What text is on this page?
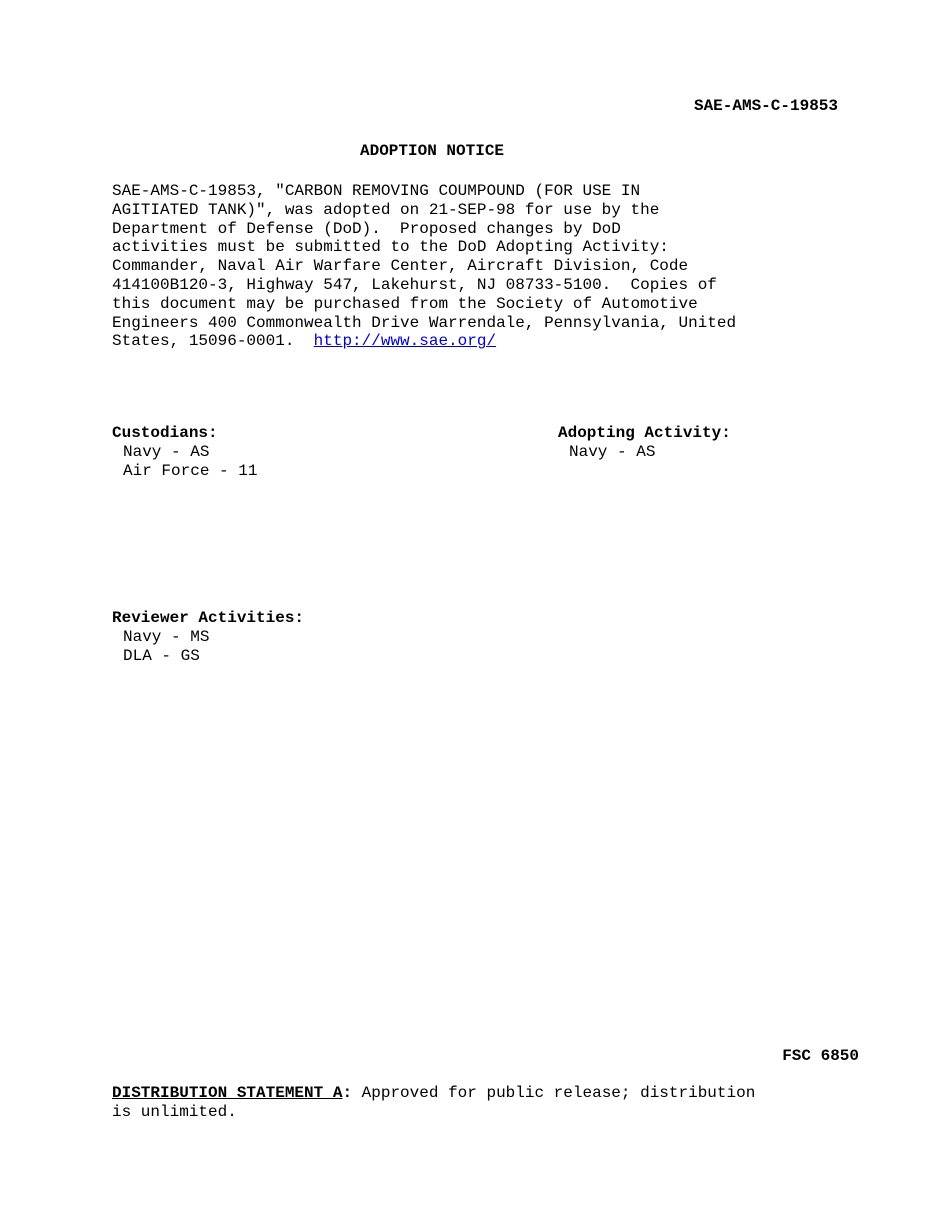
SAE-AMS-C-19853
ADOPTION NOTICE
SAE-AMS-C-19853, "CARBON REMOVING COUMPOUND (FOR USE IN
AGITIATED TANK)", was adopted on 21-SEP-98 for use by the
Department of Defense (DoD).  Proposed changes by DoD
activities must be submitted to the DoD Adopting Activity:
Commander, Naval Air Warfare Center, Aircraft Division, Code
414100B120-3, Highway 547, Lakehurst, NJ 08733-5100.  Copies of
this document may be purchased from the Society of Automotive
Engineers 400 Commonwealth Drive Warrendale, Pennsylvania, United
States, 15096-0001.  http://www.sae.org/

Custodians:
Navy - AS
Air Force - 11

Adopting Activity:
Navy - AS

Reviewer Activities:
Navy - MS
DLA - GS

FSC 6850
DISTRIBUTION STATEMENT A: Approved for public release; distribution
is unlimited.
